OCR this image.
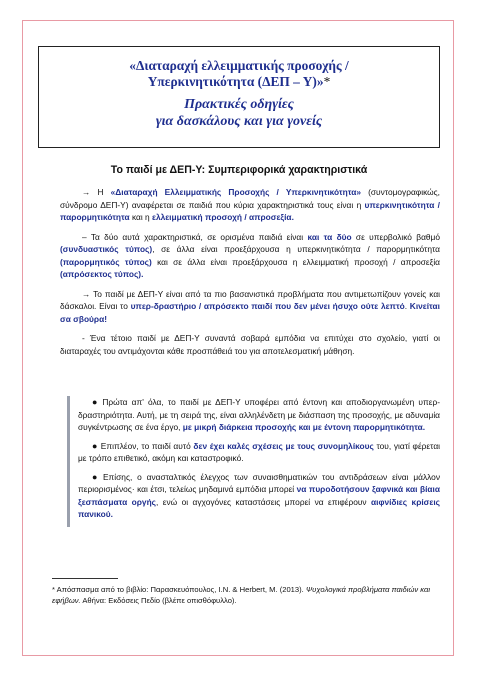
«Διαταραχή ελλειμματικής προσοχής /
Υπερκινητικότητα (ΔΕΠ – Υ)»*
Πρακτικές οδηγίες
για δασκάλους και για γονείς
Το παιδί με ΔΕΠ-Υ: Συμπεριφορικά χαρακτηριστικά

→ Η «Διαταραχή Ελλειμματικής Προσοχής / Υπερκινητικότητα» (συντομογραφικώς, σύνδρομο ΔΕΠ-Υ) αναφέρεται σε παιδιά που κύρια χαρακτηριστικά τους είναι η υπερκινητικότητα / παρορμητικότητα και η ελλειμματική προσοχή / απροσεξία.

– Τα δύο αυτά χαρακτηριστικά, σε ορισμένα παιδιά είναι και τα δύο σε υπερβολικό βαθμό (συνδυαστικός τύπος), σε άλλα είναι προεξάρχουσα η υπερκινητικότητα / παρορμητικότητα (παρορμητικός τύπος) και σε άλλα είναι προεξάρχουσα η ελλειμματική προσοχή / απροσεξία (απρόσεκτος τύπος).

→ Το παιδί με ΔΕΠ-Υ είναι από τα πιο βασανιστικά προβλήματα που αντιμετωπίζουν γονείς και δάσκαλοι. Είναι το υπερ-δραστήριο / απρόσεκτο παιδί που δεν μένει ήσυχο ούτε λεπτό. Κινείται σα σβούρα!

- Ένα τέτοιο παιδί με ΔΕΠ-Υ συναντά σοβαρά εμπόδια να επιτύχει στο σχολείο, γιατί οι διαταραχές του αντιμάχονται κάθε προσπάθειά του για αποτελεσματική μάθηση.

● Πρώτα απ' όλα, το παιδί με ΔΕΠ-Υ υποφέρει από έντονη και αποδιοργανωμένη υπερ-δραστηριότητα. Αυτή, με τη σειρά της, είναι αλληλένδετη με διάσπαση της προσοχής, με αδυναμία συγκέντρωσης σε ένα έργο, με μικρή διάρκεια προσοχής και με έντονη παρορμητικότητα.

● Επιπλέον, το παιδί αυτό δεν έχει καλές σχέσεις με τους συνομηλίκους του, γιατί φέρεται με τρόπο επιθετικό, ακόμη και καταστροφικό.

● Επίσης, ο ανασταλτικός έλεγχος των συναισθηματικών του αντιδράσεων είναι μάλλον περιορισμένος· και έτσι, τελείως μηδαμινά εμπόδια μπορεί να πυροδοτήσουν ξαφνικά και βίαια ξεσπάσματα οργής, ενώ οι αγχογόνες καταστάσεις μπορεί να επιφέρουν αιφνίδιες κρίσεις πανικού.

* Απόσπασμα από το βιβλίο: Παρασκευόπουλος, Ι.Ν. & Herbert, M. (2013). Ψυχολογικά προβλήματα παιδιών και εφήβων. Αθήνα: Εκδόσεις Πεδίο (βλέπε οπισθόφυλλο).
